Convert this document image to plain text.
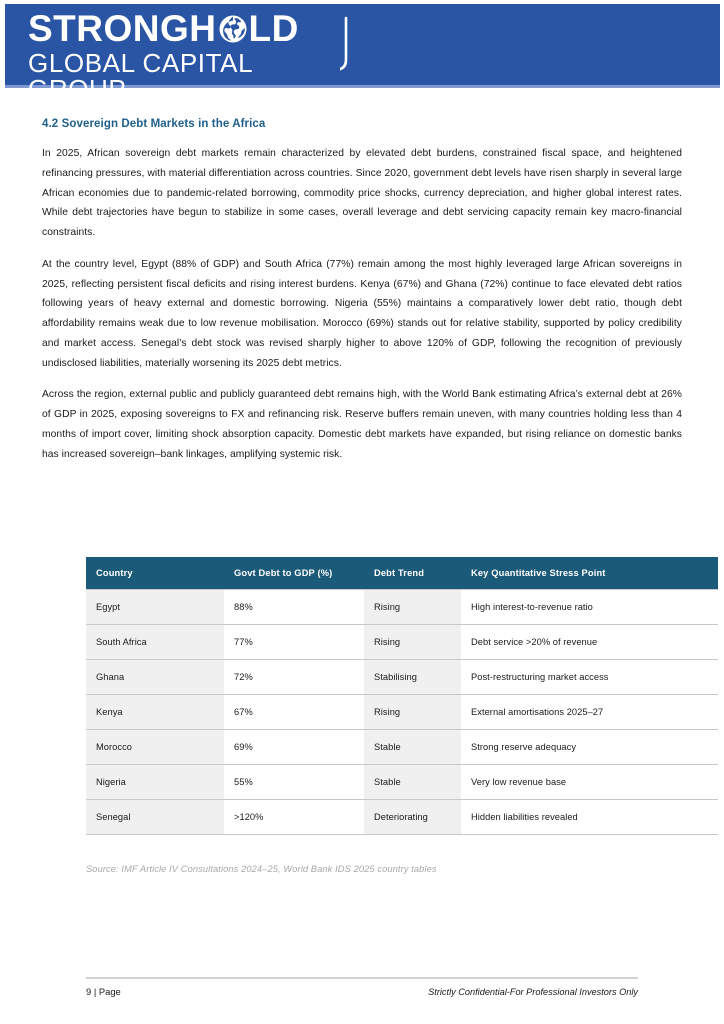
STRONGH LD
GLOBAL CAPITAL GROUP
4.2 Sovereign Debt Markets in the Africa

In 2025, African sovereign debt markets remain characterized by elevated debt burdens, constrained fiscal space, and heightened refinancing pressures, with material differentiation across countries. Since 2020, government debt levels have risen sharply in several large African economies due to pandemic-related borrowing, commodity price shocks, currency depreciation, and higher global interest rates. While debt trajectories have begun to stabilize in some cases, overall leverage and debt servicing capacity remain key macro-financial constraints.

At the country level, Egypt (88% of GDP) and South Africa (77%) remain among the most highly leveraged large African sovereigns in 2025, reflecting persistent fiscal deficits and rising interest burdens. Kenya (67%) and Ghana (72%) continue to face elevated debt ratios following years of heavy external and domestic borrowing. Nigeria (55%) maintains a comparatively lower debt ratio, though debt affordability remains weak due to low revenue mobilisation. Morocco (69%) stands out for relative stability, supported by policy credibility and market access. Senegal’s debt stock was revised sharply higher to above 120% of GDP, following the recognition of previously undisclosed liabilities, materially worsening its 2025 debt metrics.

Across the region, external public and publicly guaranteed debt remains high, with the World Bank estimating Africa’s external debt at 26% of GDP in 2025, exposing sovereigns to FX and refinancing risk. Reserve buffers remain uneven, with many countries holding less than 4 months of import cover, limiting shock absorption capacity. Domestic debt markets have expanded, but rising reliance on domestic banks has increased sovereign–bank linkages, amplifying systemic risk.

Country	Govt Debt to GDP (%)	Debt Trend	Key Quantitative Stress Point
Egypt	88%	Rising	High interest-to-revenue ratio
South Africa	77%	Rising	Debt service >20% of revenue
Ghana	72%	Stabilising	Post-restructuring market access
Kenya	67%	Rising	External amortisations 2025–27
Morocco	69%	Stable	Strong reserve adequacy
Nigeria	55%	Stable	Very low revenue base
Senegal	>120%	Deteriorating	Hidden liabilities revealed
Source: IMF Article IV Consultations 2024–25, World Bank IDS 2025 country tables
9 | Page	Strictly Confidential-For Professional Investors Only
